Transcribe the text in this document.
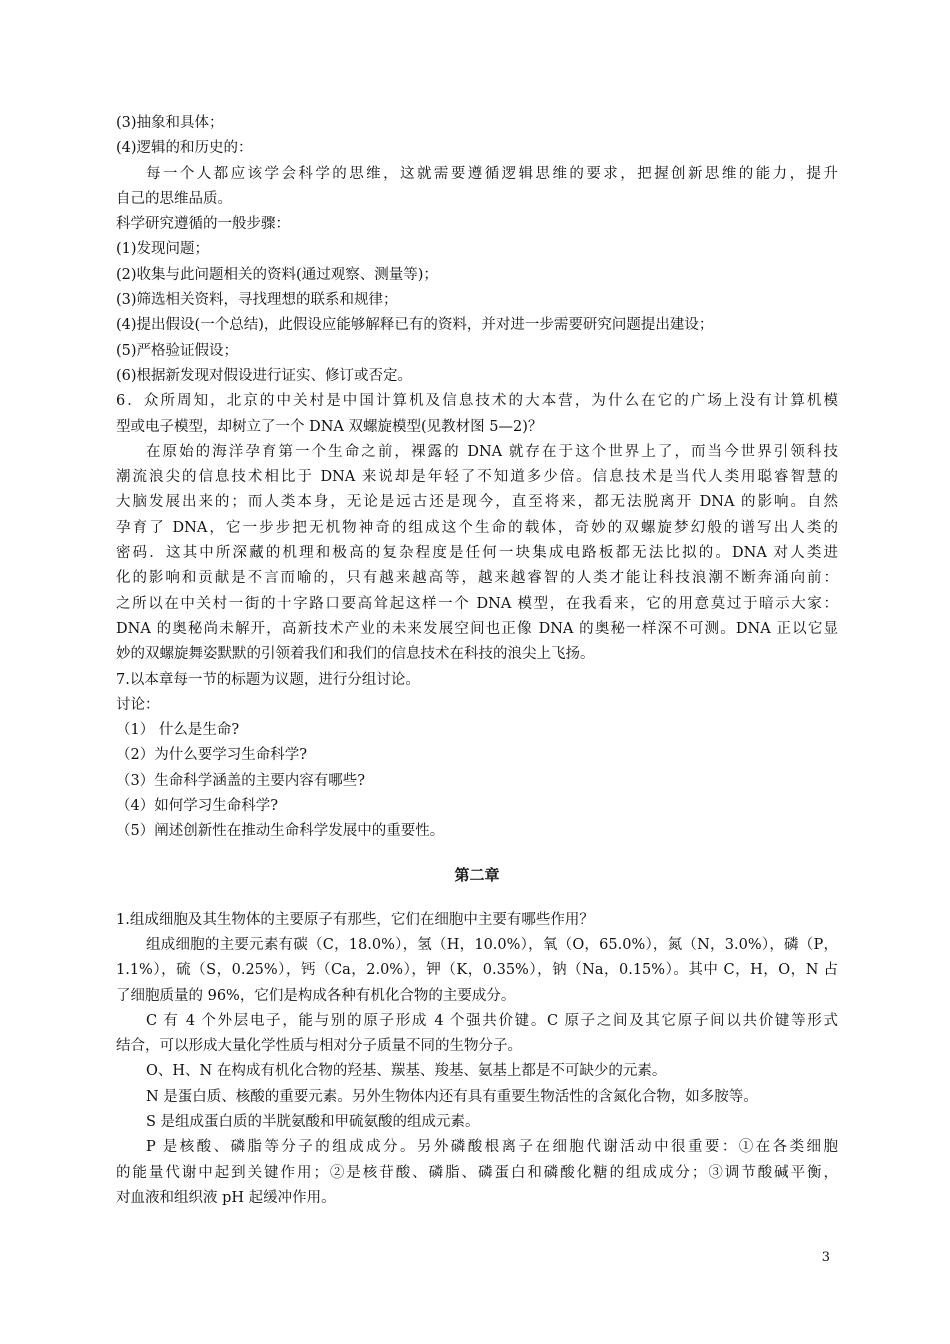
(3)抽象和具体；
(4)逻辑的和历史的：
每一个人都应该学会科学的思维，这就需要遵循逻辑思维的要求，把握创新思维的能力，提升
自己的思维品质。
科学研究遵循的一般步骤：
(1)发现问题；
(2)收集与此问题相关的资料(通过观察、测量等)；
(3)筛选相关资料，寻找理想的联系和规律；
(4)提出假设(一个总结)，此假设应能够解释已有的资料，并对进一步需要研究问题提出建设；
(5)严格验证假设；
(6)根据新发现对假设进行证实、修订或否定。
6．众所周知，北京的中关村是中国计算机及信息技术的大本营，为什么在它的广场上没有计算机模
型或电子模型，却树立了一个 DNA 双螺旋模型(见教材图 5—2)？
在原始的海洋孕育第一个生命之前，裸露的 DNA 就存在于这个世界上了，而当今世界引领科技
潮流浪尖的信息技术相比于 DNA 来说却是年轻了不知道多少倍。信息技术是当代人类用聪睿智慧的
大脑发展出来的；而人类本身，无论是远古还是现今，直至将来，都无法脱离开 DNA 的影响。自然
孕育了 DNA，它一步步把无机物神奇的组成这个生命的载体，奇妙的双螺旋梦幻般的谱写出人类的
密码．这其中所深藏的机理和极高的复杂程度是任何一块集成电路板都无法比拟的。DNA 对人类进
化的影响和贡献是不言而喻的，只有越来越高等，越来越睿智的人类才能让科技浪潮不断奔涌向前：
之所以在中关村一街的十字路口要高耸起这样一个 DNA 模型，在我看来，它的用意莫过于暗示大家：
DNA 的奥秘尚未解开，高新技术产业的未来发展空间也正像 DNA 的奥秘一样深不可测。DNA 正以它显
妙的双螺旋舞姿默默的引领着我们和我们的信息技术在科技的浪尖上飞扬。
7.以本章每一节的标题为议题，进行分组讨论。
讨论：
（1） 什么是生命?
（2）为什么要学习生命科学?
（3）生命科学涵盖的主要内容有哪些?
（4）如何学习生命科学?
（5）阐述创新性在推动生命科学发展中的重要性。
第二章
1.组成细胞及其生物体的主要原子有那些，它们在细胞中主要有哪些作用？
组成细胞的主要元素有碳（C，18.0%），氢（H，10.0%），氧（O，65.0%），氮（N，3.0%），磷（P，
1.1%），硫（S，0.25%），钙（Ca，2.0%），钾（K，0.35%），钠（Na，0.15%）。其中 C，H，O，N 占
了细胞质量的 96%，它们是构成各种有机化合物的主要成分。
C 有 4 个外层电子，能与别的原子形成 4 个强共价键。C 原子之间及其它原子间以共价键等形式
结合，可以形成大量化学性质与相对分子质量不同的生物分子。
O、H、N 在构成有机化合物的羟基、羰基、羧基、氨基上都是不可缺少的元素。
N 是蛋白质、核酸的重要元素。另外生物体内还有具有重要生物活性的含氮化合物，如多胺等。
S 是组成蛋白质的半胱氨酸和甲硫氨酸的组成元素。
P 是核酸、磷脂等分子的组成成分。另外磷酸根离子在细胞代谢活动中很重要：①在各类细胞
的能量代谢中起到关键作用；②是核苷酸、磷脂、磷蛋白和磷酸化糖的组成成分；③调节酸碱平衡，
对血液和组织液 pH 起缓冲作用。
3
